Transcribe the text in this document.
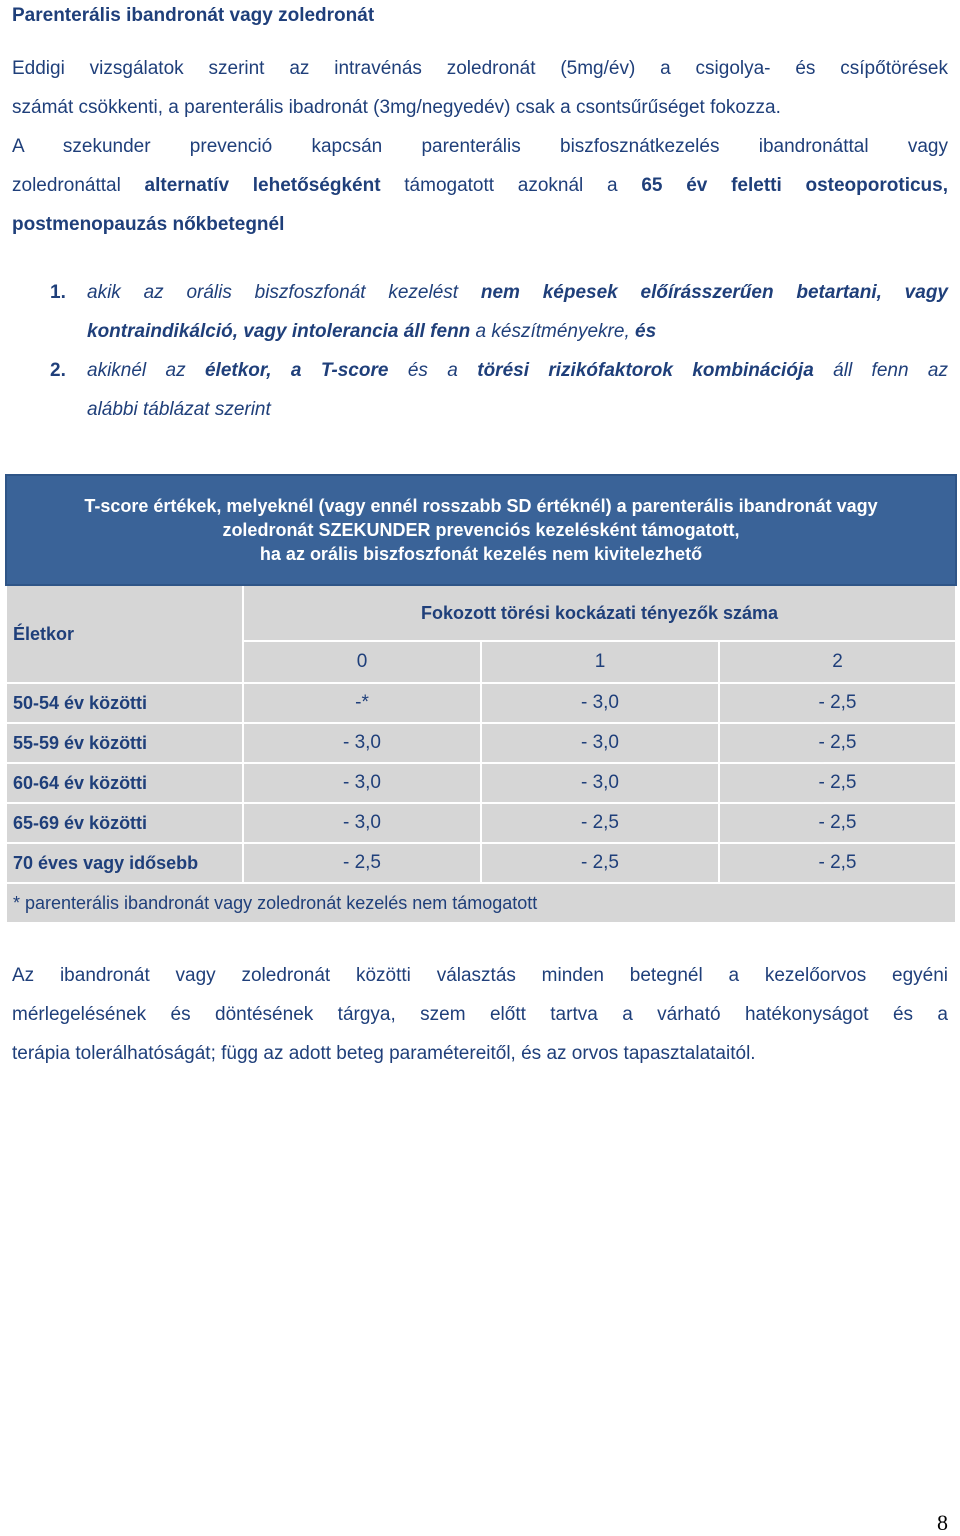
Parenterális ibandronát vagy zoledronát
Eddigi vizsgálatok szerint az intravénás zoledronát (5mg/év) a csigolya- és csípőtörések
számát csökkenti, a parenterális ibadronát (3mg/negyedév) csak a csontsűrűséget fokozza.
A szekunder prevenció kapcsán parenterális biszfosznátkezelés ibandronáttal vagy
zoledronáttal alternatív lehetőségként támogatott azoknál a 65 év feletti osteoporoticus,
postmenopauzás nőkbetegnél
1. akik az orális biszfoszfonát kezelést nem képesek előírásszerűen betartani, vagy
kontraindikálció, vagy intolerancia áll fenn a készítményekre, és
2. akiknél az életkor, a T-score és a törési rizikófaktorok kombinációja áll fenn az
alábbi táblázat szerint
T-score értékek, melyeknél (vagy ennél rosszabb SD értéknél) a parenterális ibandronát vagy
zoledronát SZEKUNDER prevenciós kezelésként támogatott,
ha az orális biszfoszfonát kezelés nem kivitelezhető			

Életkor	Fokozott törési kockázati tényezők száma		
	0	1	2
50-54 év közötti	-*	- 3,0	- 2,5
55-59 év közötti	- 3,0	- 3,0	- 2,5
60-64 év közötti	- 3,0	- 3,0	- 2,5
65-69 év közötti	- 3,0	- 2,5	- 2,5
70 éves vagy idősebb	- 2,5	- 2,5	- 2,5
* parenterális ibandronát vagy zoledronát kezelés nem támogatott			
Az ibandronát vagy zoledronát közötti választás minden betegnél a kezelőorvos egyéni
mérlegelésének és döntésének tárgya, szem előtt tartva a várható hatékonyságot és a
terápia tolerálhatóságát; függ az adott beteg paramétereitől, és az orvos tapasztalataitól.
8
